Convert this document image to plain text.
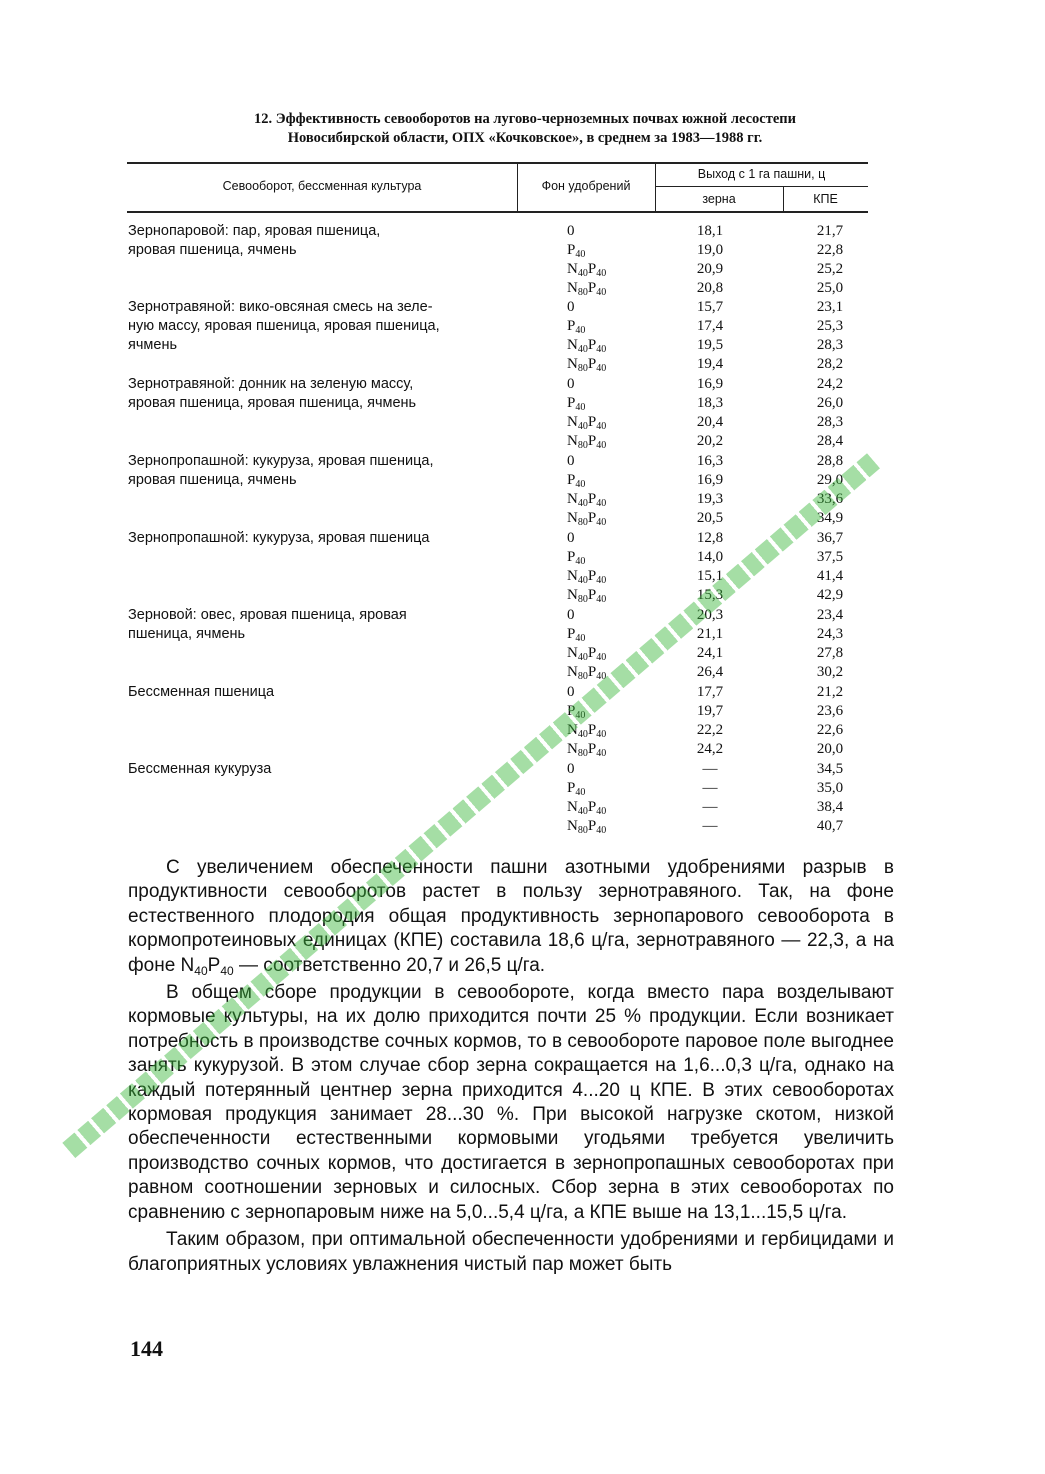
12. Эффективность севооборотов на лугово-черноземных почвах южной лесостепи
Новосибирской области, ОПХ «Кочковское», в среднем за 1983—1988 гг.
Севооборот, бессменная культура	Фон удобрений
Выход с 1 га пашни, ц
зерна	КПЕ
Зернопаровой: пар, яровая пшеница,
яровая пшеница, ячмень
0	18,1	21,7
$P_{40}$	19,0	22,8
$N_{40}P_{40}$	20,9	25,2
$N_{80}P_{40}$	20,8	25,0
Зернотравяной: вико-овсяная смесь на зеле-
ную массу, яровая пшеница, яровая пшеница,
ячмень
0	15,7	23,1
$P_{40}$	17,4	25,3
$N_{40}P_{40}$	19,5	28,3
$N_{80}P_{40}$	19,4	28,2
Зернотравяной: донник на зеленую массу,
яровая пшеница, яровая пшеница, ячмень
0	16,9	24,2
$P_{40}$	18,3	26,0
$N_{40}P_{40}$	20,4	28,3
$N_{80}P_{40}$	20,2	28,4
Зернопропашной: кукуруза, яровая пшеница,
яровая пшеница, ячмень
0	16,3	28,8
$P_{40}$	16,9	29,0
$N_{40}P_{40}$	19,3	33,6
$N_{80}P_{40}$	20,5	34,9
Зернопропашной: кукуруза, яровая пшеница	0	12,8	36,7
$P_{40}$	14,0	37,5
$N_{40}P_{40}$	15,1	41,4
$N_{80}P_{40}$	15,3	42,9
Зерновой: овес, яровая пшеница, яровая
пшеница, ячмень
0	20,3	23,4
$P_{40}$	21,1	24,3
$N_{40}P_{40}$	24,1	27,8
$N_{80}P_{40}$	26,4	30,2
Бессменная пшеница	0	17,7	21,2
$P_{40}$	19,7	23,6
$N_{40}P_{40}$	22,2	22,6
$N_{80}P_{40}$	24,2	20,0
Бессменная кукуруза	0	—	34,5
$P_{40}$	—	35,0
$N_{40}P_{40}$	—	38,4
$N_{80}P_{40}$	—	40,7

С увеличением обеспеченности пашни азотными удобрениями разрыв в продуктивности севооборотов растет в пользу зернотравяного. Так, на фоне естественного плодородия общая продуктивность зернопарового севооборота в кормопротеиновых единицах (КПЕ) составила 18,6 ц/га, зернотравяного — 22,3, а на фоне $N_{40}P_{40}$ — соответственно 20,7 и 26,5 ц/га.

В общем сборе продукции в севообороте, когда вместо пара возделывают кормовые культуры, на их долю приходится почти 25 % продукции. Если возникает потребность в производстве сочных кормов, то в севообороте паровое поле выгоднее занять кукурузой. В этом случае сбор зерна сокращается на 1,6...0,3 ц/га, однако на каждый потерянный центнер зерна приходится 4...20 ц КПЕ. В этих севооборотах кормовая продукция занимает 28...30 %. При высокой нагрузке скотом, низкой обеспеченности естественными кормовыми угодьями требуется увеличить производство сочных кормов, что достигается в зернопропашных севооборотах при равном соотношении зерновых и силосных. Сбор зерна в этих севооборотах по сравнению с зернопаровым ниже на 5,0...5,4 ц/га, а КПЕ выше на 13,1...15,5 ц/га.

Таким образом, при оптимальной обеспеченности удобрениями и гербицидами и благоприятных условиях увлажнения чистый пар может быть

144
